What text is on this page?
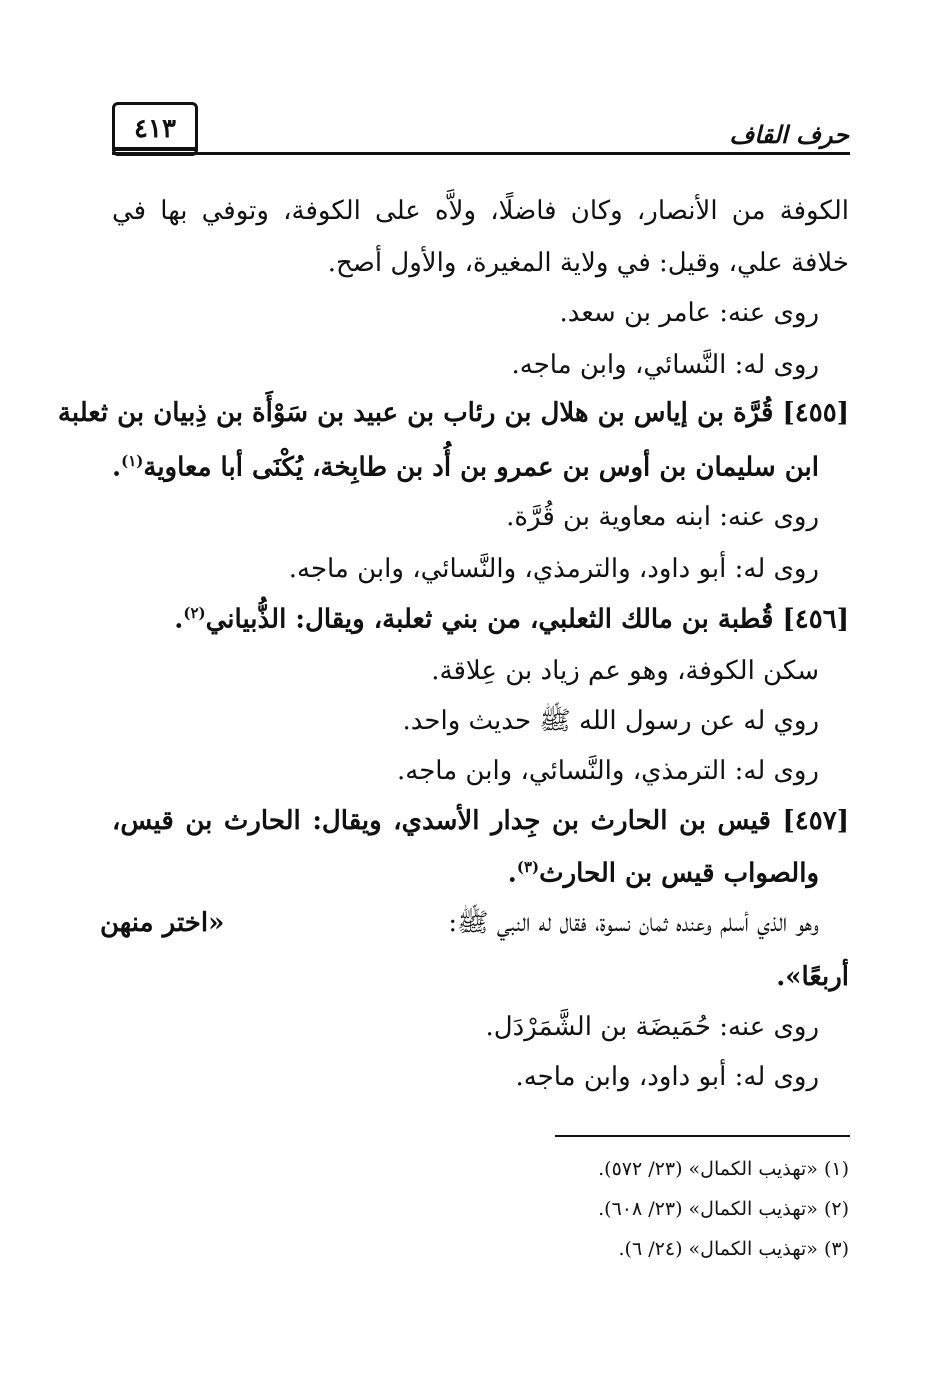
حرف القاف
٤١٣
الكوفة من الأنصار، وكان فاضلًا، ولاَّه على الكوفة، وتوفي بها في
خلافة علي، وقيل: في ولاية المغيرة، والأول أصح.
روى عنه: عامر بن سعد.
روى له: النَّسائي، وابن ماجه.
[٤٥٥] قُرَّة بن إياس بن هلال بن رئاب بن عبيد بن سَوْأَة بن ذِبيان بن ثعلبة
ابن سليمان بن أوس بن عمرو بن أُد بن طابِخة، يُكْنَى أبا معاوية$^{(١)}$.
روى عنه: ابنه معاوية بن قُرَّة.
روى له: أبو داود، والترمذي، والنَّسائي، وابن ماجه.
[٤٥٦] قُطبة بن مالك الثعلبي، من بني ثعلبة، ويقال: الذُّبياني$^{(٢)}$.
سكن الكوفة، وهو عم زياد بن عِلاقة.
روي له عن رسول الله ﷺ حديث واحد.
روى له: الترمذي، والنَّسائي، وابن ماجه.
[٤٥٧] قيس بن الحارث بن جِدار الأسدي، ويقال: الحارث بن قيس،
والصواب قيس بن الحارث$^{(٣)}$.
وهو الذي أسلم وعنده ثمان نسوة، فقال له النبي ﷺ:
«اختر منهن
أربعًا».
روى عنه: حُمَيضَة بن الشَّمَرْدَل.
روى له: أبو داود، وابن ماجه.
(١) «تهذيب الكمال» (٢٣/ ٥٧٢).
(٢) «تهذيب الكمال» (٢٣/ ٦٠٨).
(٣) «تهذيب الكمال» (٢٤/ ٦).
